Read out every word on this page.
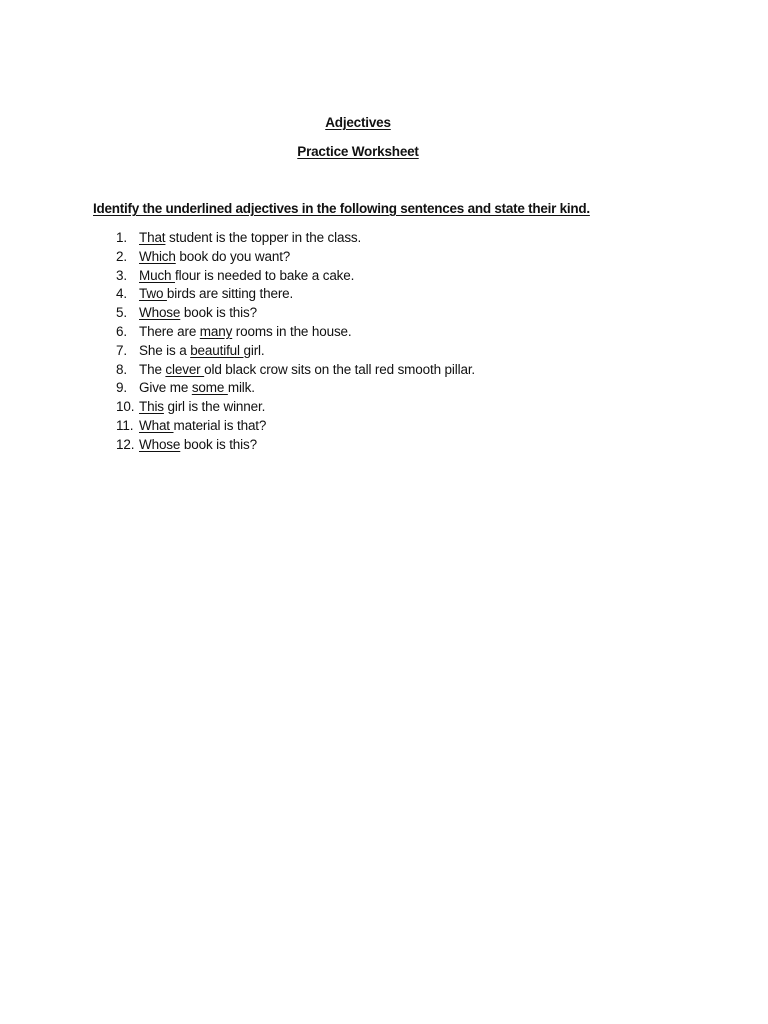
Adjectives
Practice Worksheet
Identify the underlined adjectives in the following sentences and state their kind.
1. That student is the topper in the class.
2. Which book do you want?
3. Much flour is needed to bake a cake.
4. Two birds are sitting there.
5. Whose book is this?
6. There are many rooms in the house.
7. She is a beautiful girl.
8. The clever old black crow sits on the tall red smooth pillar.
9. Give me some milk.
10. This girl is the winner.
11. What material is that?
12. Whose book is this?
